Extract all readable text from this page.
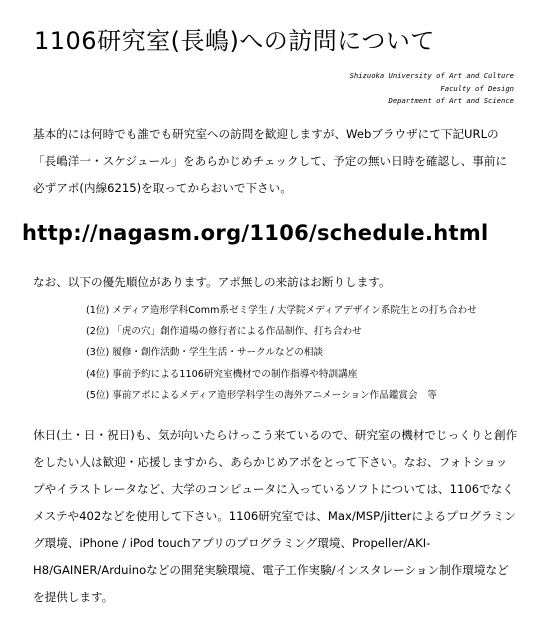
1106研究室(長嶋)への訪問について
Shizuoka University of Art and Culture
Faculty of Design
Department of Art and Science

基本的には何時でも誰でも研究室への訪問を歓迎しますが、Webブラウザにて下記URLの「長嶋洋一・スケジュール」をあらかじめチェックして、予定の無い日時を確認し、事前に必ずアポ(内線6215)を取ってからおいで下さい。

http://nagasm.org/1106/schedule.html
なお、以下の優先順位があります。アポ無しの来訪はお断りします。
(1位) メディア造形学科Comm系ゼミ学生 / 大学院メディアデザイン系院生との打ち合わせ
(2位) 「虎の穴」創作道場の修行者による作品制作、打ち合わせ
(3位) 履修・創作活動・学生生活・サークルなどの相談
(4位) 事前予約による1106研究室機材での制作指導や特訓講座
(5位) 事前アポによるメディア造形学科学生の海外アニメーション作品鑑賞会　等

休日(土・日・祝日)も、気が向いたらけっこう来ているので、研究室の機材でじっくりと創作をしたい人は歓迎・応援しますから、あらかじめアポをとって下さい。なお、フォトショップやイラストレータなど、大学のコンピュータに入っているソフトについては、1106でなくメステや402などを使用して下さい。1106研究室では、Max/MSP/jitterによるプログラミング環境、iPhone / iPod touchアプリのプログラミング環境、Propeller/AKI-H8/GAINER/Arduinoなどの開発実験環境、電子工作実験/インスタレーション制作環境などを提供します。
